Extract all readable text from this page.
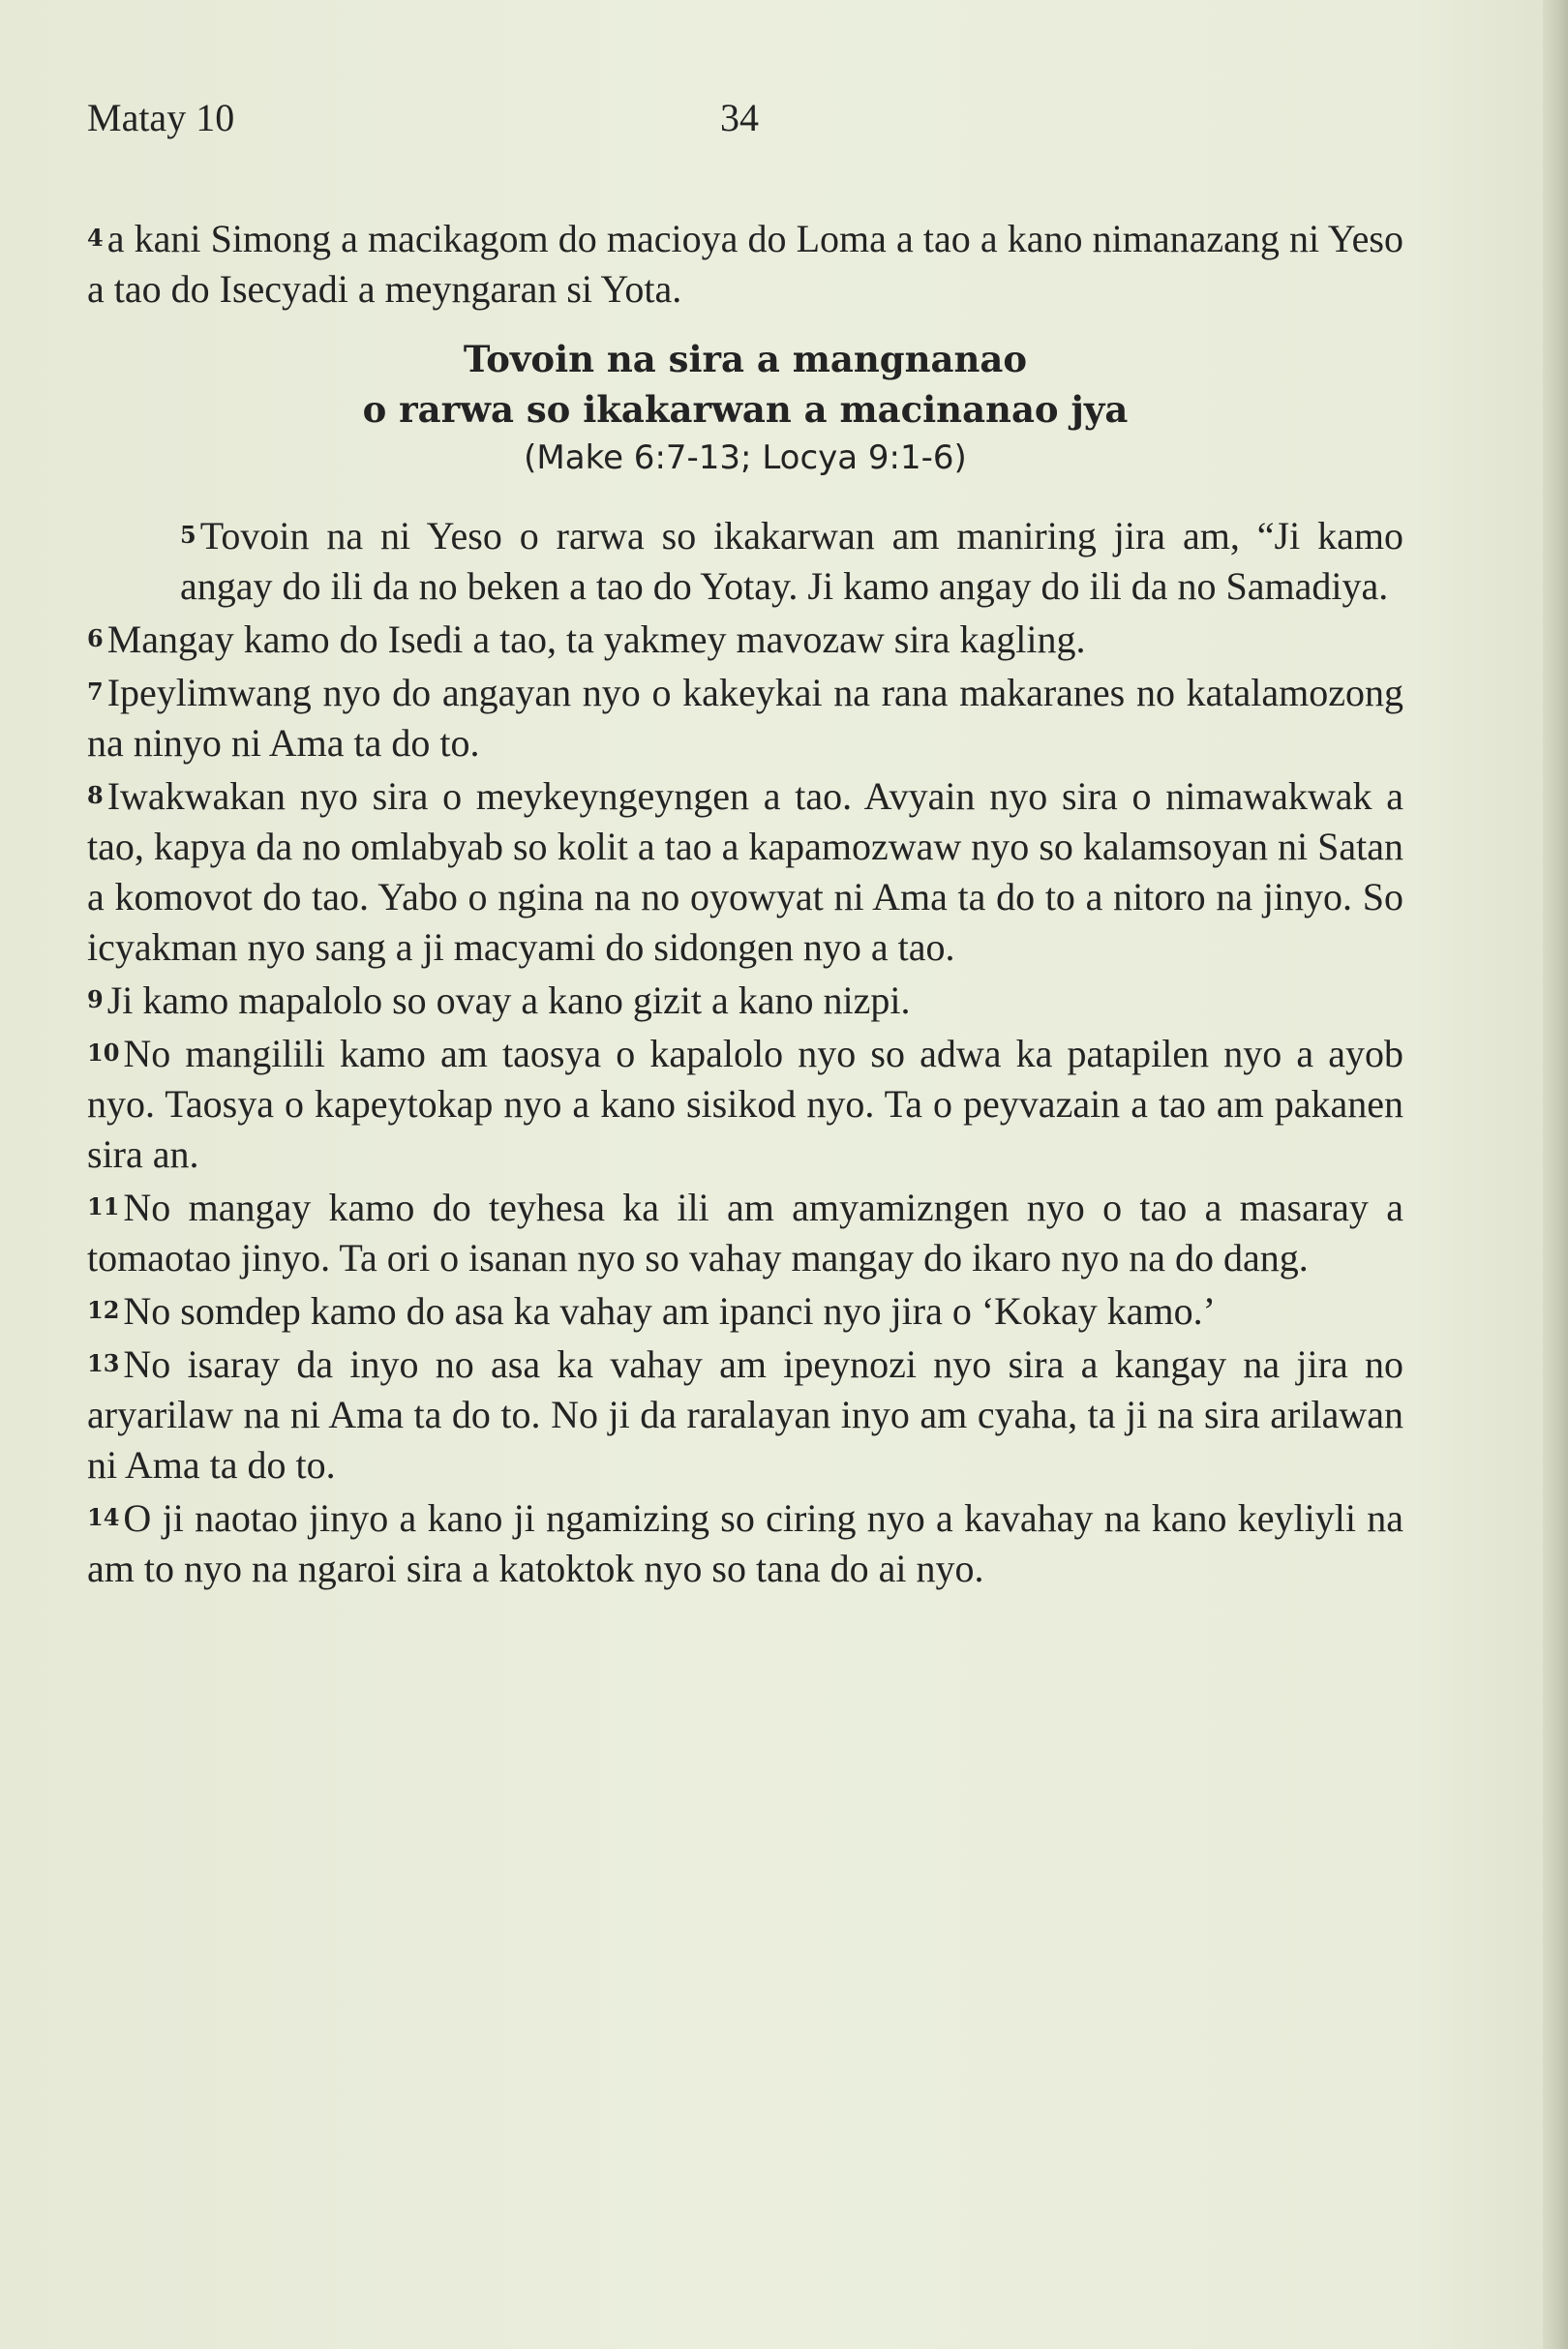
Matay 10	34

4 a kani Simong a macikagom do macioya do Loma a tao a kano nimanazang ni Yeso a tao do Isecyadi a meyngaran si Yota.

Tovoin na sira a mangnanao
o rarwa so ikakarwan a macinanao jya
(Make 6:7-13; Locya 9:1-6)

5 Tovoin na ni Yeso o rarwa so ikakarwan am maniring jira am, “Ji kamo angay do ili da no beken a tao do Yotay. Ji kamo angay do ili da no Samadiya.

6 Mangay kamo do Isedi a tao, ta yakmey mavozaw sira kagling.

7 Ipeylimwang nyo do angayan nyo o kakeykai na rana makaranes no katalamozong na ninyo ni Ama ta do to.

8 Iwakwakan nyo sira o meykeyngeyngen a tao. Avyain nyo sira o nimawakwak a tao, kapya da no omlabyab so kolit a tao a kapamozwaw nyo so kalamsoyan ni Satan a komovot do tao. Yabo o ngina na no oyowyat ni Ama ta do to a nitoro na jinyo. So icyakman nyo sang a ji macyami do sidongen nyo a tao.

9 Ji kamo mapalolo so ovay a kano gizit a kano nizpi.

10 No mangilili kamo am taosya o kapalolo nyo so adwa ka patapilen nyo a ayob nyo. Taosya o kapeytokap nyo a kano sisikod nyo. Ta o peyvazain a tao am pakanen sira an.

11 No mangay kamo do teyhesa ka ili am amyamizngen nyo o tao a masaray a tomaotao jinyo. Ta ori o isanan nyo so vahay mangay do ikaro nyo na do dang.

12 No somdep kamo do asa ka vahay am ipanci nyo jira o ‘Kokay kamo.’

13 No isaray da inyo no asa ka vahay am ipeynozi nyo sira a kangay na jira no aryarilaw na ni Ama ta do to. No ji da raralayan inyo am cyaha, ta ji na sira arilawan ni Ama ta do to.

14 O ji naotao jinyo a kano ji ngamizing so ciring nyo a kavahay na kano keyliyli na am to nyo na ngaroi sira a katoktok nyo so tana do ai nyo.
